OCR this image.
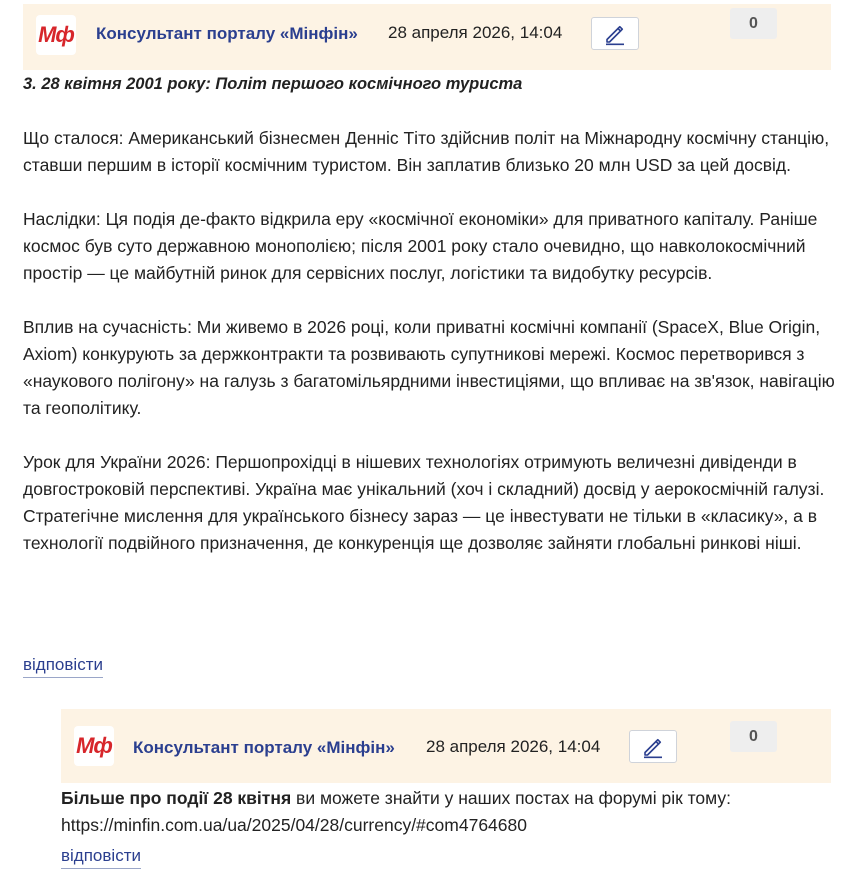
Мф Консультант порталу «Мінфін» 28 апреля 2026, 14:04	0

3. 28 квітня 2001 року: Політ першого космічного туриста

Що сталося: Американський бізнесмен Денніс Тіто здійснив політ на Міжнародну космічну станцію, ставши першим в історії космічним туристом. Він заплатив близько 20 млн USD за цей досвід.

Наслідки: Ця подія де-факто відкрила еру «космічної економіки» для приватного капіталу. Раніше космос був суто державною монополією; після 2001 року стало очевидно, що навколокосмічний простір — це майбутній ринок для сервісних послуг, логістики та видобутку ресурсів.

Вплив на сучасність: Ми живемо в 2026 році, коли приватні космічні компанії (SpaceX, Blue Origin, Axiom) конкурують за держконтракти та розвивають супутникові мережі. Космос перетворився з «наукового полігону» на галузь з багатомільярдними інвестиціями, що впливає на зв'язок, навігацію та геополітику.

Урок для України 2026: Першопрохідці в нішевих технологіях отримують величезні дивіденди в довгостроковій перспективі. Україна має унікальний (хоч і складний) досвід у аерокосмічній галузі. Стратегічне мислення для українського бізнесу зараз — це інвестувати не тільки в «класику», а в технології подвійного призначення, де конкуренція ще дозволяє зайняти глобальні ринкові ніші.

відповісти
Мф Консультант порталу «Мінфін» 28 апреля 2026, 14:04
0

Більше про події 28 квітня ви можете знайти у наших постах на форумі рік тому:

https://minfin.com.ua/ua/2025/04/28/currency/#com4764680

відповісти
